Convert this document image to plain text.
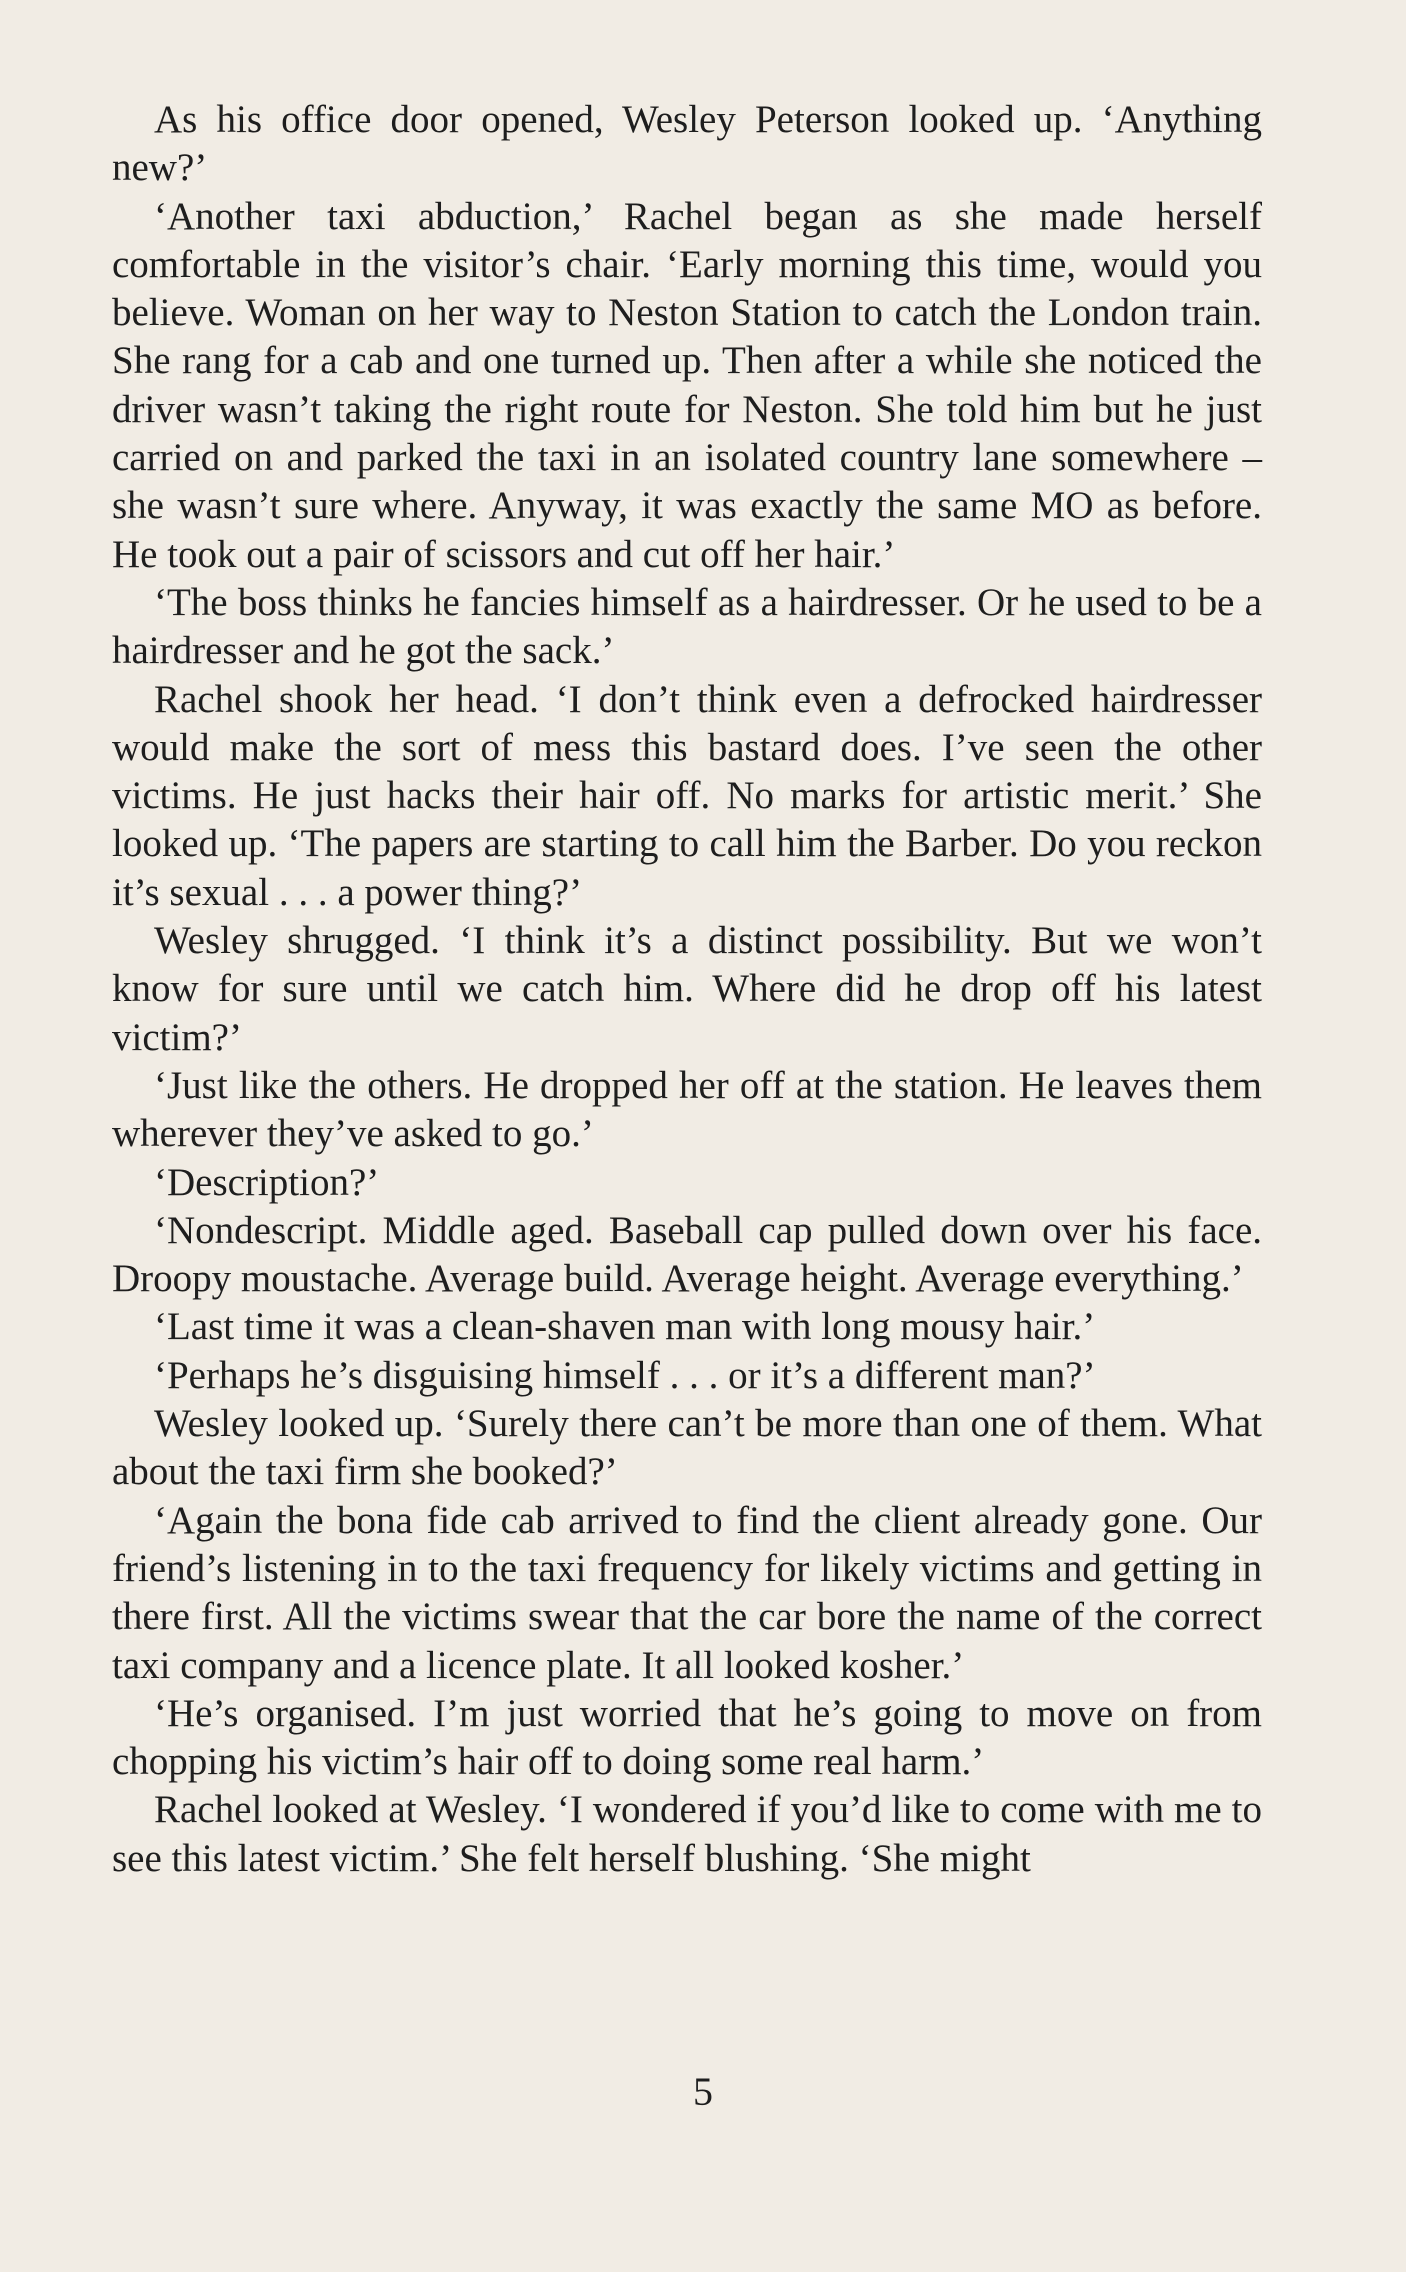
As his office door opened, Wesley Peterson looked up. ‘Anything new?’

‘Another taxi abduction,’ Rachel began as she made herself comfortable in the visitor’s chair. ‘Early morning this time, would you believe. Woman on her way to Neston Station to catch the London train. She rang for a cab and one turned up. Then after a while she noticed the driver wasn’t taking the right route for Neston. She told him but he just carried on and parked the taxi in an isolated country lane somewhere – she wasn’t sure where. Anyway, it was exactly the same MO as before. He took out a pair of scissors and cut off her hair.’

‘The boss thinks he fancies himself as a hairdresser. Or he used to be a hairdresser and he got the sack.’

Rachel shook her head. ‘I don’t think even a defrocked hairdresser would make the sort of mess this bastard does. I’ve seen the other victims. He just hacks their hair off. No marks for artistic merit.’ She looked up. ‘The papers are starting to call him the Barber. Do you reckon it’s sexual . . . a power thing?’

Wesley shrugged. ‘I think it’s a distinct possibility. But we won’t know for sure until we catch him. Where did he drop off his latest victim?’

‘Just like the others. He dropped her off at the station. He leaves them wherever they’ve asked to go.’

‘Description?’

‘Nondescript. Middle aged. Baseball cap pulled down over his face. Droopy moustache. Average build. Average height. Average everything.’

‘Last time it was a clean-shaven man with long mousy hair.’

‘Perhaps he’s disguising himself . . . or it’s a different man?’

Wesley looked up. ‘Surely there can’t be more than one of them. What about the taxi firm she booked?’

‘Again the bona fide cab arrived to find the client already gone. Our friend’s listening in to the taxi frequency for likely victims and getting in there first. All the victims swear that the car bore the name of the correct taxi company and a licence plate. It all looked kosher.’

‘He’s organised. I’m just worried that he’s going to move on from chopping his victim’s hair off to doing some real harm.’

Rachel looked at Wesley. ‘I wondered if you’d like to come with me to see this latest victim.’ She felt herself blushing. ‘She might

5
